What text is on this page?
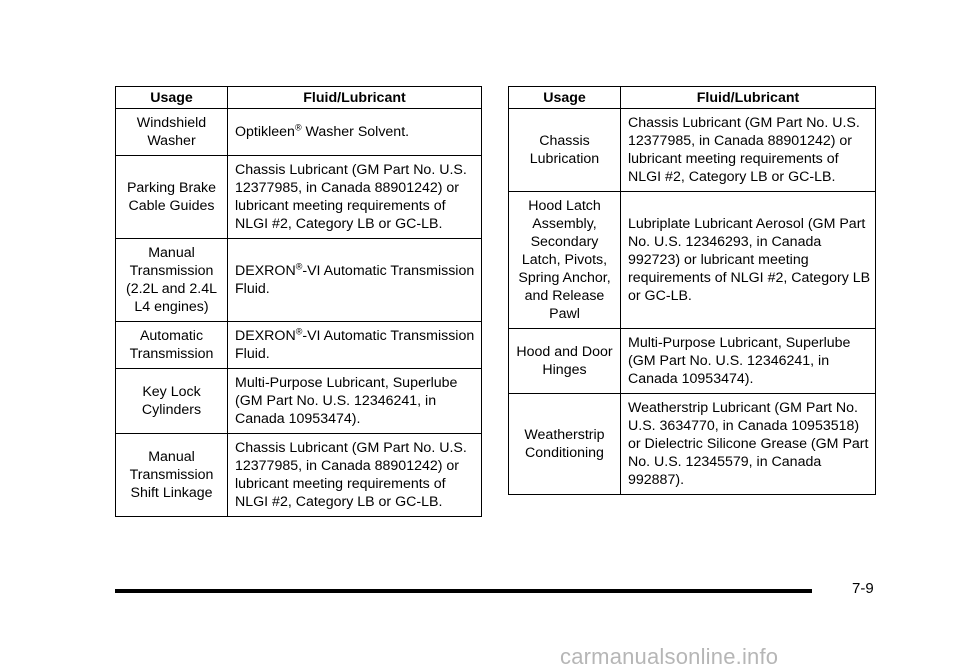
Usage	Fluid/Lubricant

Windshield Washer	Optikleen® Washer Solvent.

Parking Brake Cable Guides	Chassis Lubricant (GM Part No. U.S. 12377985, in Canada 88901242) or lubricant meeting requirements of NLGI #2, Category LB or GC-LB.

Manual Transmission (2.2L and 2.4L L4 engines)	DEXRON®-VI Automatic Transmission Fluid.

Automatic Transmission	DEXRON®-VI Automatic Transmission Fluid.

Key Lock Cylinders	Multi-Purpose Lubricant, Superlube (GM Part No. U.S. 12346241, in Canada 10953474).

Manual Transmission Shift Linkage	Chassis Lubricant (GM Part No. U.S. 12377985, in Canada 88901242) or lubricant meeting requirements of NLGI #2, Category LB or GC-LB.
Usage	Fluid/Lubricant

Chassis Lubrication	Chassis Lubricant (GM Part No. U.S. 12377985, in Canada 88901242) or lubricant meeting requirements of NLGI #2, Category LB or GC-LB.

Hood Latch Assembly, Secondary Latch, Pivots, Spring Anchor, and Release Pawl	Lubriplate Lubricant Aerosol (GM Part No. U.S. 12346293, in Canada 992723) or lubricant meeting requirements of NLGI #2, Category LB or GC-LB.

Hood and Door Hinges	Multi-Purpose Lubricant, Superlube (GM Part No. U.S. 12346241, in Canada 10953474).

Weatherstrip Conditioning	Weatherstrip Lubricant (GM Part No. U.S. 3634770, in Canada 10953518) or Dielectric Silicone Grease (GM Part No. U.S. 12345579, in Canada 992887).
7-9
carmanualsonline.info
